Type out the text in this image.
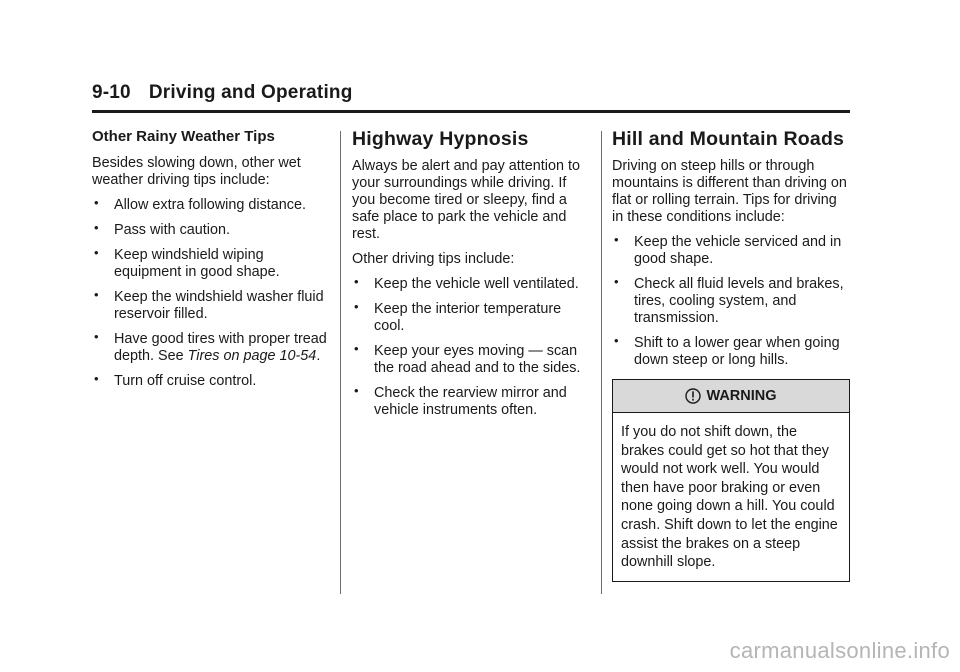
9-10 Driving and Operating
Other Rainy Weather Tips

Besides slowing down, other wet weather driving tips include:

• Allow extra following distance.
• Pass with caution.
• Keep windshield wiping equipment in good shape.
• Keep the windshield washer fluid reservoir filled.
• Have good tires with proper tread depth. See Tires on page 10-54.
• Turn off cruise control.
Highway Hypnosis

Always be alert and pay attention to your surroundings while driving. If you become tired or sleepy, find a safe place to park the vehicle and rest.

Other driving tips include:

• Keep the vehicle well ventilated.
• Keep the interior temperature cool.
• Keep your eyes moving — scan the road ahead and to the sides.
• Check the rearview mirror and vehicle instruments often.
Hill and Mountain Roads

Driving on steep hills or through mountains is different than driving on flat or rolling terrain. Tips for driving in these conditions include:

• Keep the vehicle serviced and in good shape.
• Check all fluid levels and brakes, tires, cooling system, and transmission.
• Shift to a lower gear when going down steep or long hills.
WARNING
If you do not shift down, the brakes could get so hot that they would not work well. You would then have poor braking or even none going down a hill. You could crash. Shift down to let the engine assist the brakes on a steep downhill slope.
carmanualsonline.info
